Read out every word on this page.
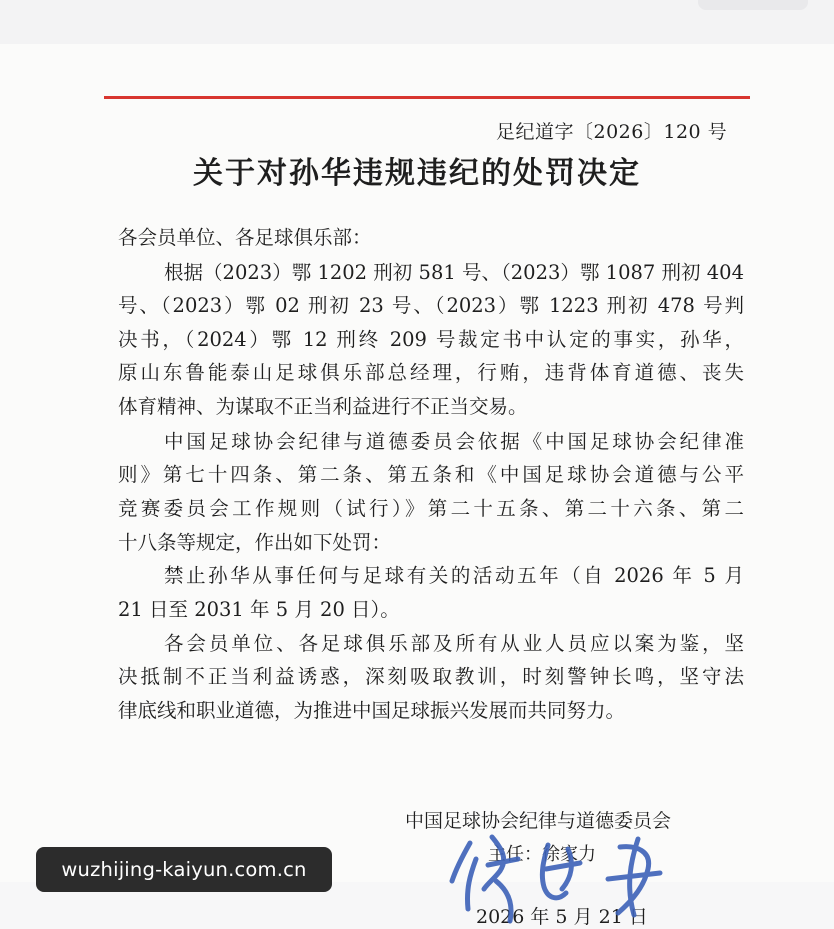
足纪道字〔2026〕120 号
关于对孙华违规违纪的处罚决定
各会员单位、各足球俱乐部：
根据（2023）鄂 1202 刑初 581 号、（2023）鄂 1087 刑初 404
号、（2023）鄂 02 刑初 23 号、（2023）鄂 1223 刑初 478 号判
决书，（2024）鄂 12 刑终 209 号裁定书中认定的事实，孙华，
原山东鲁能泰山足球俱乐部总经理，行贿，违背体育道德、丧失
体育精神、为谋取不正当利益进行不正当交易。
中国足球协会纪律与道德委员会依据《中国足球协会纪律准
则》第七十四条、第二条、第五条和《中国足球协会道德与公平
竞赛委员会工作规则（试行）》第二十五条、第二十六条、第二
十八条等规定，作出如下处罚：
禁止孙华从事任何与足球有关的活动五年（自 2026 年 5 月
21 日至 2031 年 5 月 20 日）。
各会员单位、各足球俱乐部及所有从业人员应以案为鉴，坚
决抵制不正当利益诱惑，深刻吸取教训，时刻警钟长鸣，坚守法
律底线和职业道德，为推进中国足球振兴发展而共同努力。
中国足球协会纪律与道德委员会
主任：徐家力
2026 年 5 月 21 日
wuzhijing-kaiyun.com.cn
